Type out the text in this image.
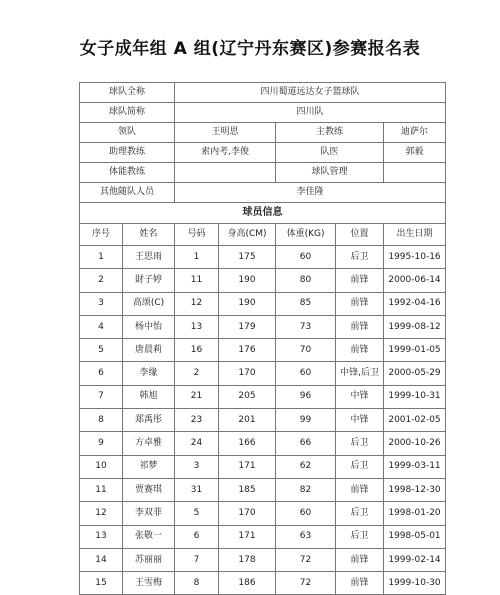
女子成年组 A 组(辽宁丹东赛区)参赛报名表
球队全称		四川蜀道远达女子篮球队				
球队简称		四川队				
领队		王明思		主教练		迪萨尔
助理教练		索内考,李俊		队医		郭毅
体能教练				球队管理		
其他随队人员		李佳隆				
球员信息						
序号	姓名	号码	身高(CM)	体重(KG)	位置	出生日期
1	王思雨	1	175	60	后卫	1995-10-16
2	財子婷	11	190	80	前锋	2000-06-14
3	高颂(C)	12	190	85	前锋	1992-04-16
4	杨中怡	13	179	73	前锋	1999-08-12
5	唐晨莉	16	176	70	前锋	1999-01-05
6	李缘	2	170	60	中锋,后卫	2000-05-29
7	韩旭	21	205	96	中锋	1999-10-31
8	郑禹彤	23	201	99	中锋	2001-02-05
9	方卓雅	24	166	66	后卫	2000-10-26
10	祁梦	3	171	62	后卫	1999-03-11
11	贾赛琪	31	185	82	前锋	1998-12-30
12	李双菲	5	170	60	后卫	1998-01-20
13	张敬一	6	171	63	后卫	1998-05-01
14	苏丽丽	7	178	72	前锋	1999-02-14
15	王雪梅	8	186	72	前锋	1999-10-30
